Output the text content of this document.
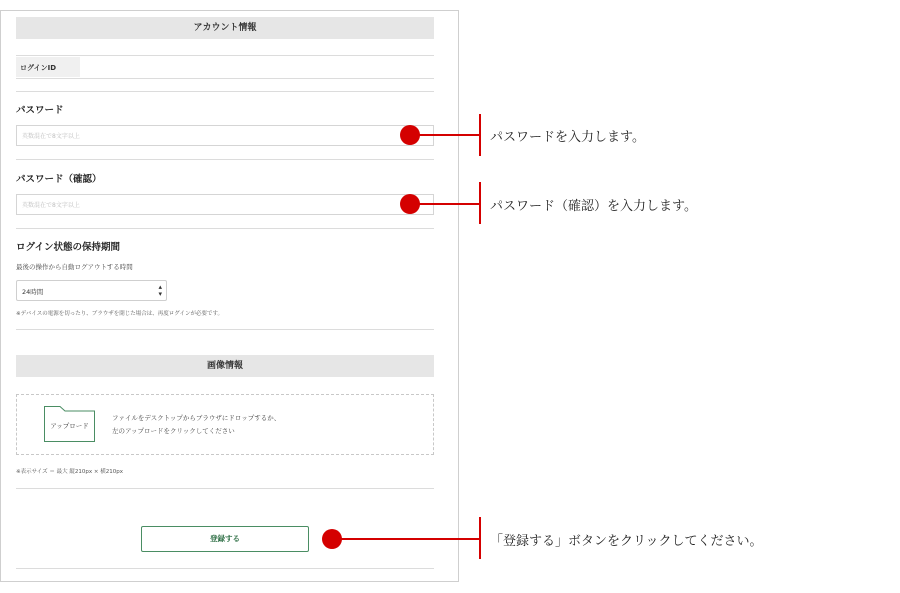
アカウント情報
ログインID
パスワード
英数混在で8文字以上
パスワード（確認）
英数混在で8文字以上
ログイン状態の保持期間
最後の操作から自動ログアウトする時間
24時間
▴
▾
※デバイスの電源を切ったり、ブラウザを閉じた場合は、再度ログインが必要です。
画像情報
アップロード
ファイルをデスクトップからブラウザにドロップするか、
左のアップロードをクリックしてください
※表示サイズ ＝ 最大 縦210px × 横210px
登録する
パスワードを入力します。
パスワード（確認）を入力します。
「登録する」ボタンをクリックしてください。
